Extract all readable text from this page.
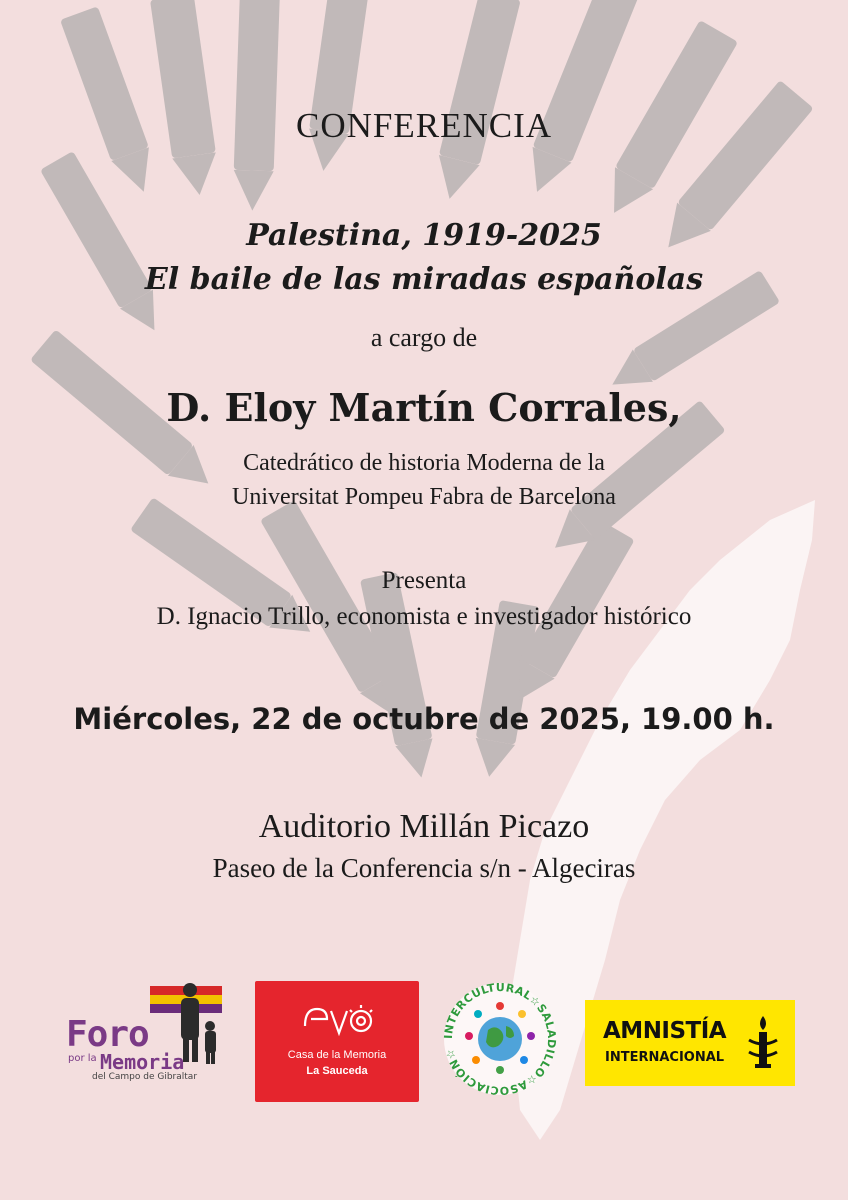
CONFERENCIA
Palestina, 1919-2025
El baile de las miradas españolas
a cargo de
D. Eloy Martín Corrales,
Catedrático de historia Moderna de la
Universitat Pompeu Fabra de Barcelona
Presenta
D. Ignacio Trillo, economista e investigador histórico
Miércoles, 22 de octubre de 2025, 19.00 h.
Auditorio Millán Picazo
Paseo de la Conferencia s/n - Algeciras
Foro
por la Memoria
del Campo de Gibraltar
Casa de la Memoria
La Sauceda
INTERCULTURAL☆SALADILLO☆ASOCIACIÓN☆
AMNISTÍA
INTERNACIONAL
